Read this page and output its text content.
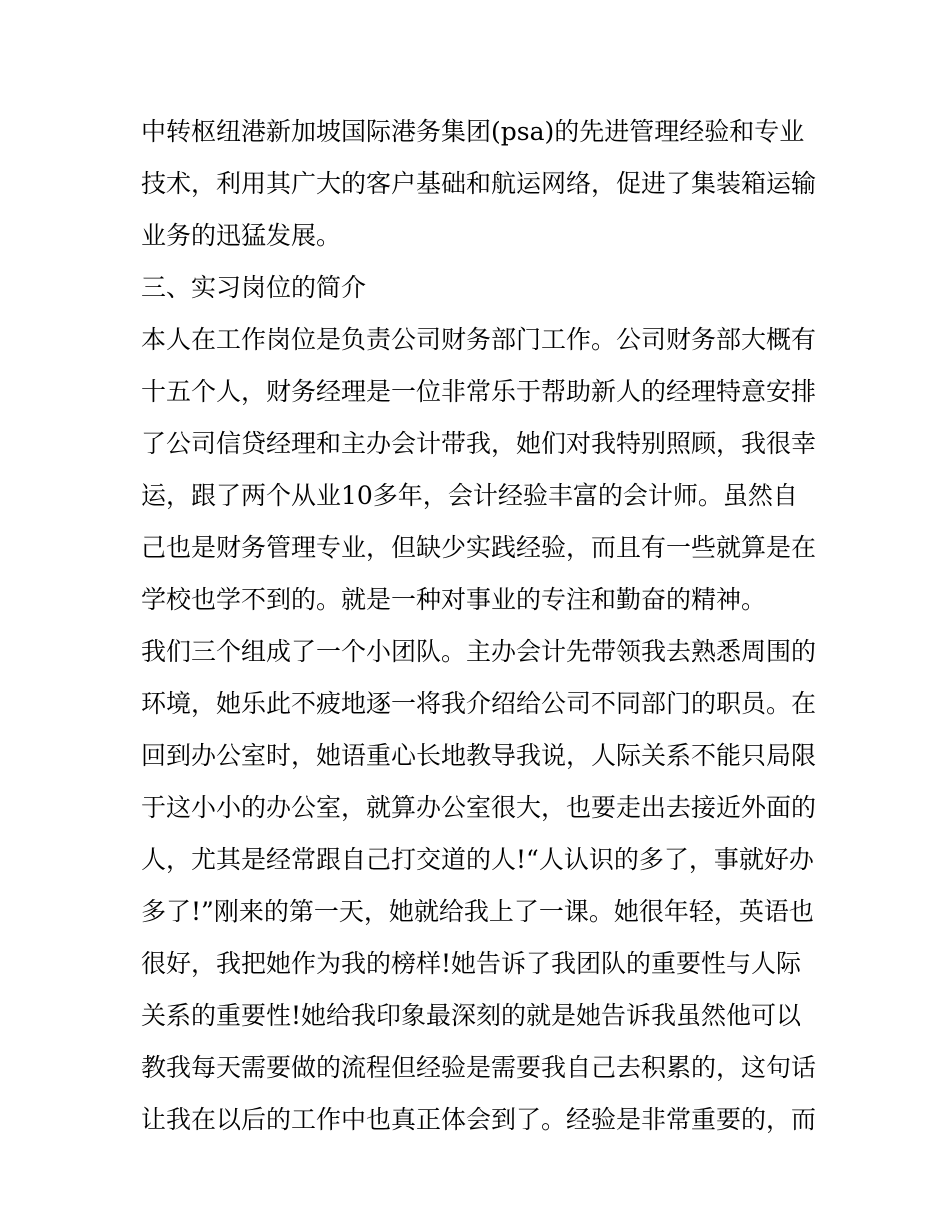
中转枢纽港新加坡国际港务集团(psa)的先进管理经验和专业
技术，利用其广大的客户基础和航运网络，促进了集装箱运输
业务的迅猛发展。
三、实习岗位的简介
本人在工作岗位是负责公司财务部门工作。公司财务部大概有
十五个人，财务经理是一位非常乐于帮助新人的经理特意安排
了公司信贷经理和主办会计带我，她们对我特别照顾，我很幸
运，跟了两个从业10多年，会计经验丰富的会计师。虽然自
己也是财务管理专业，但缺少实践经验，而且有一些就算是在
学校也学不到的。就是一种对事业的专注和勤奋的精神。
我们三个组成了一个小团队。主办会计先带领我去熟悉周围的
环境，她乐此不疲地逐一将我介绍给公司不同部门的职员。在
回到办公室时，她语重心长地教导我说，人际关系不能只局限
于这小小的办公室，就算办公室很大，也要走出去接近外面的
人，尤其是经常跟自己打交道的人!“人认识的多了，事就好办
多了!”刚来的第一天，她就给我上了一课。她很年轻，英语也
很好，我把她作为我的榜样!她告诉了我团队的重要性与人际
关系的重要性!她给我印象最深刻的就是她告诉我虽然他可以
教我每天需要做的流程但经验是需要我自己去积累的，这句话
让我在以后的工作中也真正体会到了。经验是非常重要的，而
